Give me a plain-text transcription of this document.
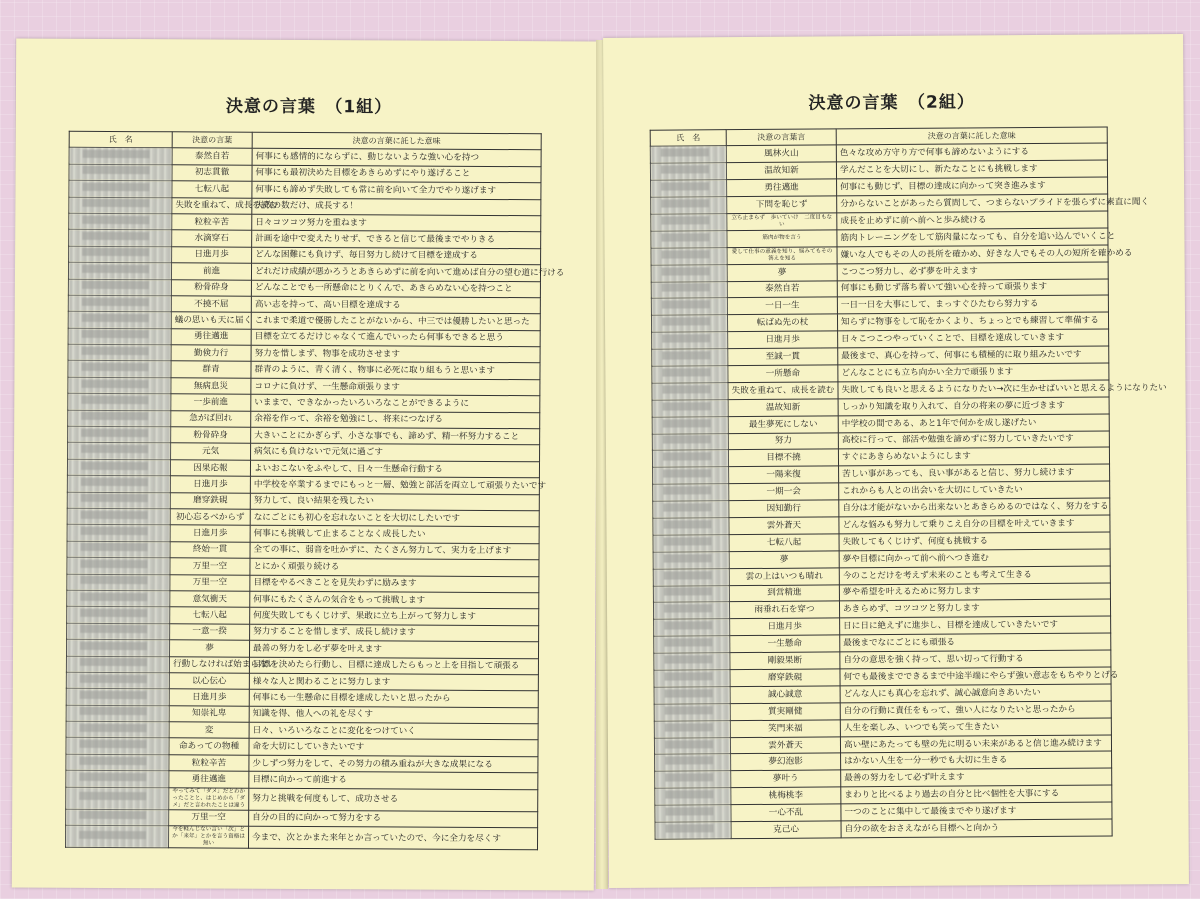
決意の言葉　（1組）
氏　名	決意の言葉	決意の言葉に託した意味
	泰然自若	何事にも感情的にならずに、動じないような強い心を持つ
	初志貫徹	何事にも最初決めた目標をあきらめずにやり遂げること
	七転八起	何事にも諦めず失敗しても常に前を向いて全力でやり遂げます
	失敗を重ねて、成長を読む	失敗の数だけ、成長する！
	粒粒辛苦	日々コツコツ努力を重ねます
	水滴穿石	計画を途中で変えたりせず、できると信じて最後までやりきる
	日進月歩	どんな困難にも負けず、毎日努力し続けて目標を達成する
	前進	どれだけ成績が悪かろうとあきらめずに前を向いて進めば自分の望む道に行ける
	粉骨砕身	どんなことでも一所懸命にとりくんで、あきらめない心を持つこと
	不撓不屈	高い志を持って、高い目標を達成する
	蟻の思いも天に届く	これまで柔道で優勝したことがないから、中三では優勝したいと思った
	勇往邁進	目標を立てるだけじゃなくて進んでいったら何事もできると思う
	勤倹力行	努力を惜しまず、物事を成功させます
	群青	群青のように、青く清く、物事に必死に取り組もうと思います
	無病息災	コロナに負けず、一生懸命頑張ります
	一歩前進	いままで、できなかったいろいろなことができるように
	急がば回れ	余裕を作って、余裕を勉強にし、将来につなげる
	粉骨砕身	大きいことにかぎらず、小さな事でも、諦めず、精一杯努力すること
	元気	病気にも負けないで元気に過ごす
	因果応報	よいおこないをふやして、日々一生懸命行動する
	日進月歩	中学校を卒業するまでにもっと一層、勉強と部活を両立して頑張りたいです
	磨穿鉄硯	努力して、良い結果を残したい
	初心忘るべからず	なにごとにも初心を忘れないことを大切にしたいです
	日進月歩	何事にも挑戦して止まることなく成長したい
	終始一貫	全ての事に、弱音を吐かずに、たくさん努力して、実力を上げます
	万里一空	とにかく頑張り続ける
	万里一空	目標をやるべきことを見失わずに励みます
	意気衝天	何事にもたくさんの気合をもって挑戦します
	七転八起	何度失敗してもくじけず、果敢に立ち上がって努力します
	一意一揆	努力することを惜しまず、成長し続けます
	夢	最善の努力をし必ず夢を叶えます
	行動しなければ始まらない	目標を決めたら行動し、目標に達成したらもっと上を目指して頑張る
	以心伝心	様々な人と関わることに努力します
	日進月歩	何事にも一生懸命に目標を達成したいと思ったから
	知崇礼卑	知識を得、他人への礼を尽くす
	変	日々、いろいろなことに変化をつけていく
	命あっての物種	命を大切にしていきたいです
	粒粒辛苦	少しずつ努力をして、その努力の積み重ねが大きな成果になる
	勇往邁進	目標に向かって前進する
	やってみて「ダメ」だとわかったことと、はじめから「ダメ」だと言われたことは違う	努力と挑戦を何度もして、成功させる
	万里一空	自分の目的に向かって努力をする
	今を軽んじない言い「次」とか「来年」とかを言う資格は無い	今まで、次とかまた来年とか言っていたので、今に全力を尽くす
決意の言葉　（2組）
氏　名	決意の言葉言	決意の言葉に託した意味
	風林火山	色々な攻め方守り方で何事も諦めないようにする
	温故知新	学んだことを大切にし、新たなことにも挑戦します
	勇往邁進	何事にも動じず、目標の達成に向かって突き進みます
	下問を恥じず	分からないことがあったら質問して、つまらないプライドを張らずに素直に聞く
	立ち止まらず　歩いていけ　二度目もない	成長を止めずに前へ前へと歩み続ける
	筋肉が物を言う	筋肉トレーニングをして筋肉量になっても、自分を追い込んでいくこと
	愛して仕事の意義を知り、悩みてもその答えを知る	嫌いな人でもその人の長所を確かめ、好きな人でもその人の短所を確かめる
	夢	こつこつ努力し、必ず夢を叶えます
	泰然自若	何事にも動じず落ち着いて強い心を持って頑張ります
	一日一生	一日一日を大事にして、まっすぐひたむら努力する
	転ばぬ先の杖	知らずに物事をして恥をかくより、ちょっとでも練習して準備する
	日進月歩	日々こつこつやっていくことで、目標を達成していきます
	至誠一貫	最後まで、真心を持って、何事にも積極的に取り組みたいです
	一所懸命	どんなことにも立ち向かい全力で頑張ります
	失敗を重ねて、成長を読む	失敗しても良いと思えるようになりたい→次に生かせばいいと思えるようになりたい
	温故知新	しっかり知識を取り入れて、自分の将来の夢に近づきます
	最生夢死にしない	中学校の間である、あと1年で何かを成し遂げたい
	努力	高校に行って、部活や勉強を諦めずに努力していきたいです
	目標不撓	すぐにあきらめないようにします
	一陽来復	苦しい事があっても、良い事があると信じ、努力し続けます
	一期一会	これからも人との出会いを大切にしていきたい
	因知勤行	自分は才能がないから出来ないとあきらめるのではなく、努力をする
	雲外蒼天	どんな悩みも努力して乗りこえ自分の目標を叶えていきます
	七転八起	失敗してもくじけず、何度も挑戦する
	夢	夢や目標に向かって前へ前へつき進む
	雲の上はいつも晴れ	今のことだけを考えず未来のことも考えて生きる
	到営精進	夢や希望を叶えるために努力します
	雨垂れ石を穿つ	あきらめず、コツコツと努力します
	日進月歩	日に日に絶えずに進歩し、目標を達成していきたいです
	一生懸命	最後までなにごとにも頑張る
	剛毅果断	自分の意思を強く持って、思い切って行動する
	磨穿鉄硯	何でも最後までできるまで中途半端にやらず強い意志をもちやりとげる
	誠心誠意	どんな人にも真心を忘れず、誠心誠意向きあいたい
	質実剛健	自分の行動に責任をもって、強い人になりたいと思ったから
	笑門来福	人生を楽しみ、いつでも笑って生きたい
	雲外蒼天	高い壁にあたっても壁の先に明るい未来があると信じ進み続けます
	夢幻泡影	はかない人生を一分一秒でも大切に生きる
	夢叶う	最善の努力をして必ず叶えます
	桃梅桃李	まわりと比べるより過去の自分と比べ個性を大事にする
	一心不乱	一つのことに集中して最後までやり遂げます
	克己心	自分の欲をおさえながら目標へと向かう
